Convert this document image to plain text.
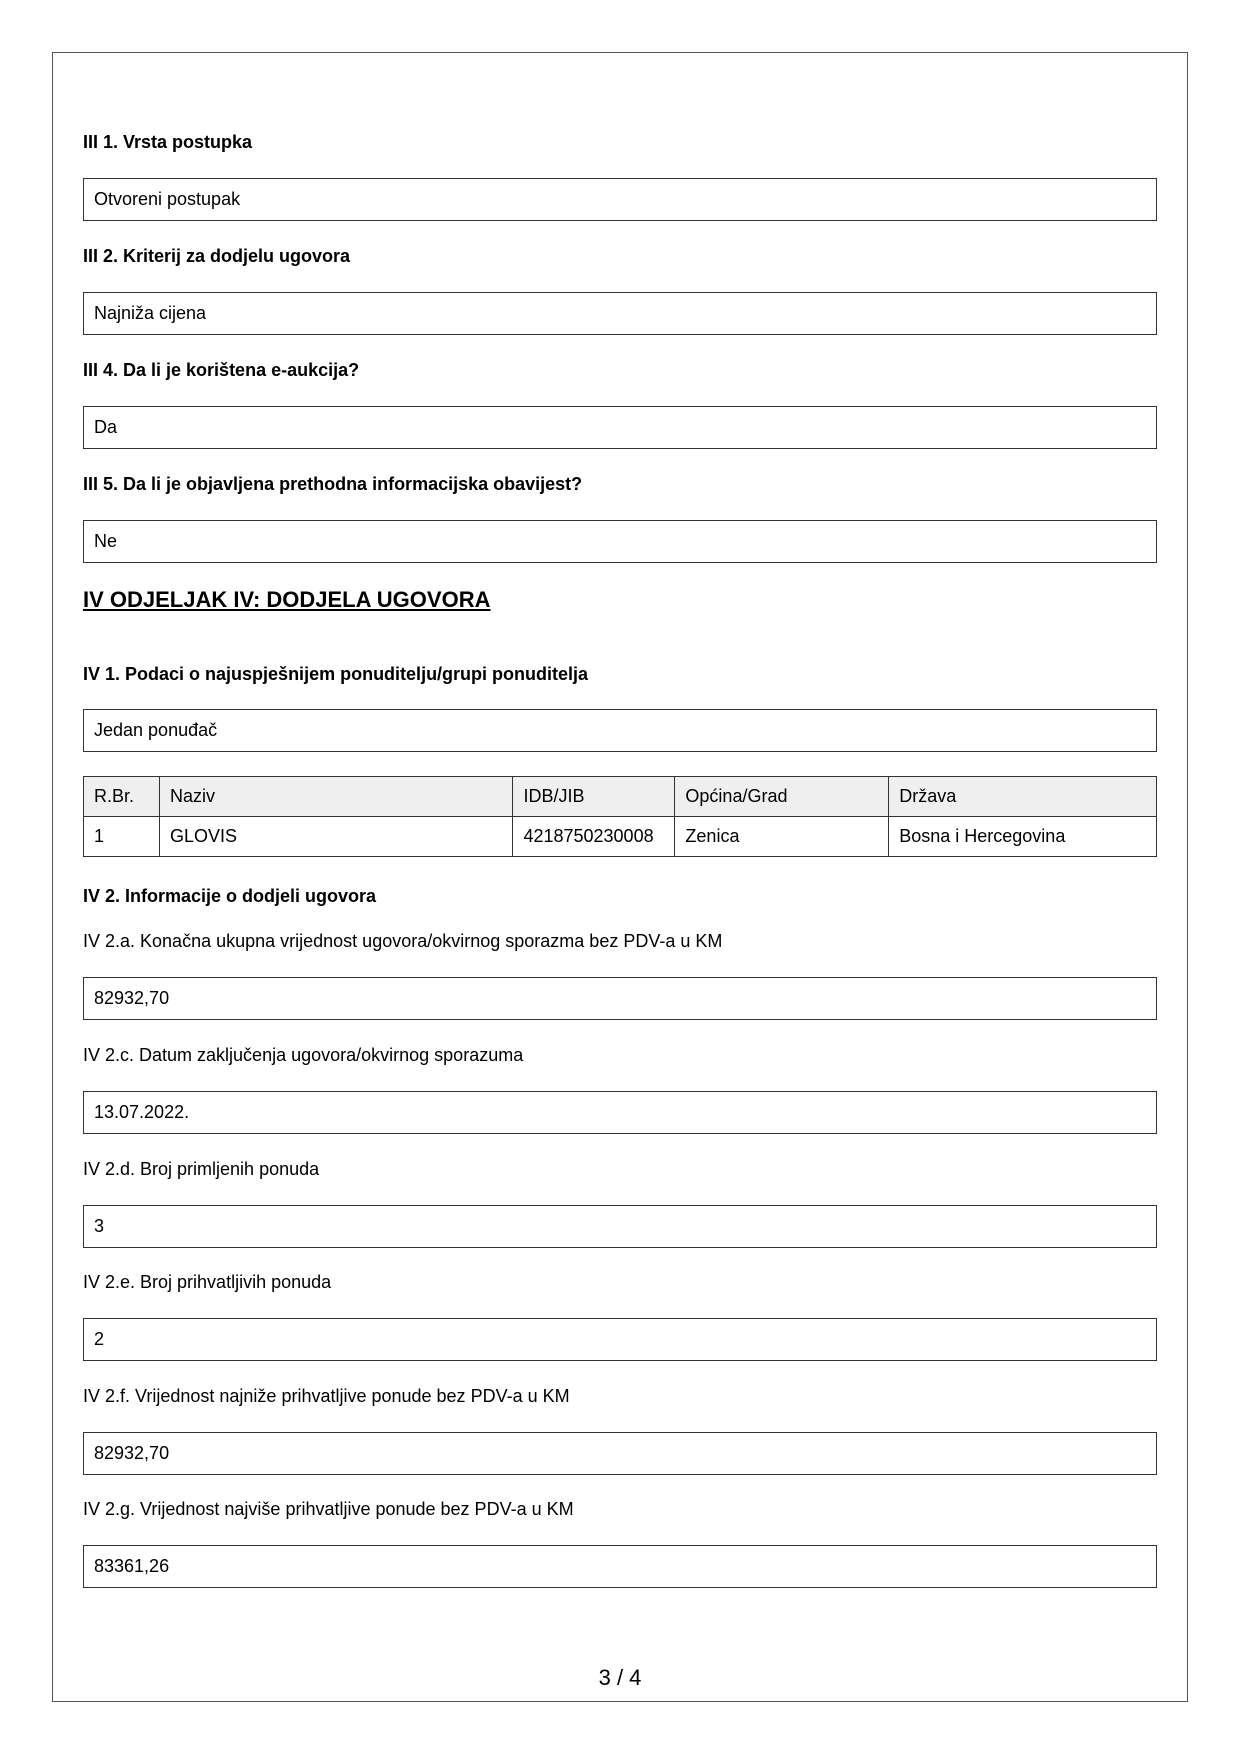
III 1. Vrsta postupka
Otvoreni postupak
III 2. Kriterij za dodjelu ugovora
Najniža cijena
III 4. Da li je korištena e-aukcija?
Da
III 5. Da li je objavljena prethodna informacijska obavijest?
Ne
IV ODJELJAK IV: DODJELA UGOVORA
IV 1. Podaci o najuspješnijem ponuditelju/grupi ponuditelja
Jedan ponuđač
R.Br.	Naziv	IDB/JIB	Općina/Grad	Država
1	GLOVIS	4218750230008	Zenica	Bosna i Hercegovina
IV 2. Informacije o dodjeli ugovora
IV 2.a. Konačna ukupna vrijednost ugovora/okvirnog sporazma bez PDV-a u KM
82932,70
IV 2.c. Datum zaključenja ugovora/okvirnog sporazuma
13.07.2022.
IV 2.d. Broj primljenih ponuda
3
IV 2.e. Broj prihvatljivih ponuda
2
IV 2.f. Vrijednost najniže prihvatljive ponude bez PDV-a u KM
82932,70
IV 2.g. Vrijednost najviše prihvatljive ponude bez PDV-a u KM
83361,26
3 / 4
